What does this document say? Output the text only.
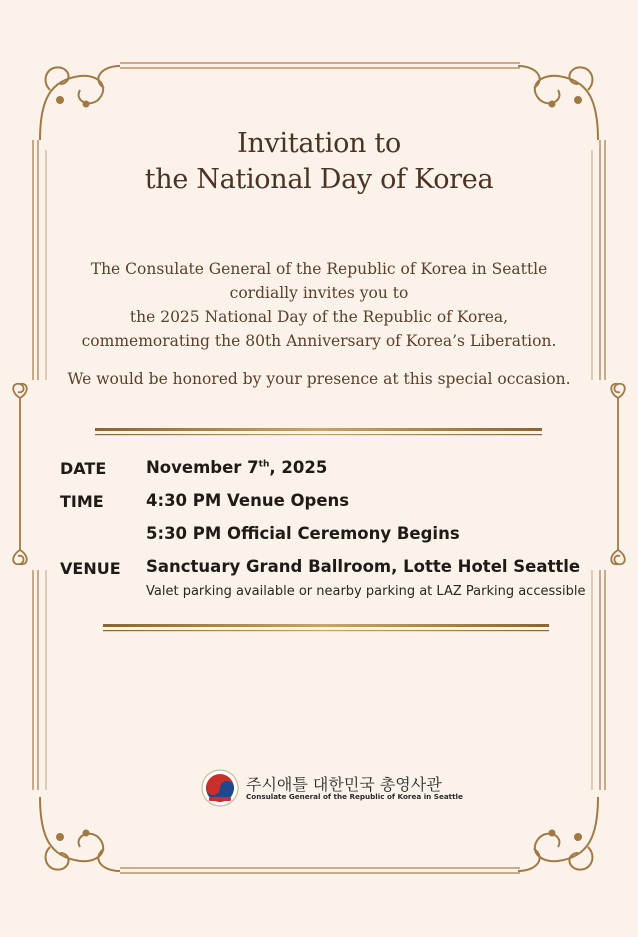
Invitation to
the National Day of Korea
The Consulate General of the Republic of Korea in Seattle
cordially invites you to
the 2025 National Day of the Republic of Korea,
commemorating the 80th Anniversary of Korea’s Liberation.
We would be honored by your presence at this special occasion.
DATE November 7th, 2025
TIME	4:30 PM Venue Opens
5:30 PM Official Ceremony Begins
VENUE Sanctuary Grand Ballroom, Lotte Hotel Seattle
Valet parking available or nearby parking at LAZ Parking accessible
주시애틀 대한민국 총영사관
Consulate General of the Republic of Korea in Seattle
